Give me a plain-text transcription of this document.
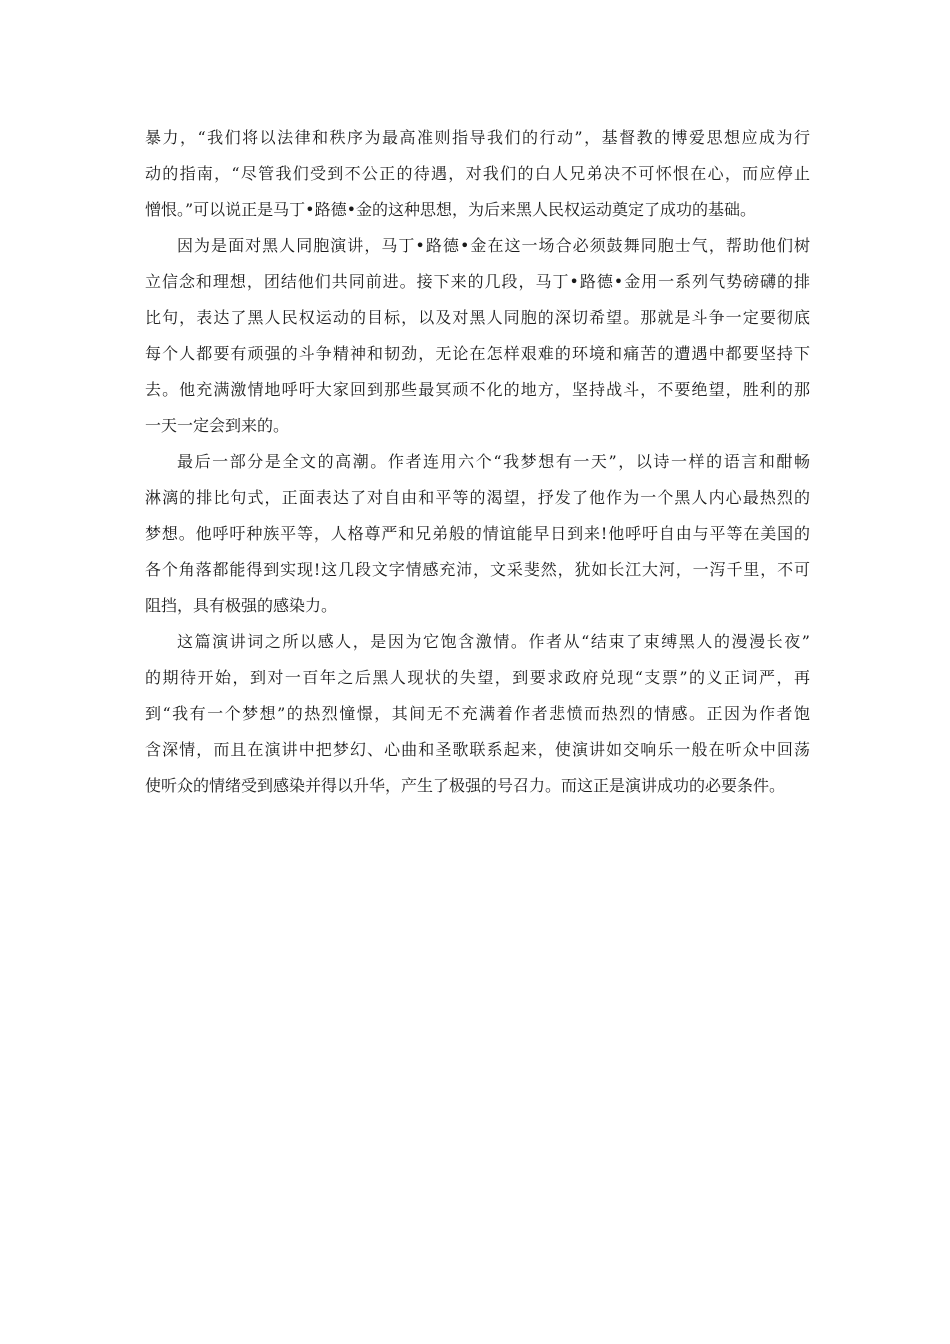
暴力，“我们将以法律和秩序为最高准则指导我们的行动”，基督教的博爱思想应成为行
动的指南，“尽管我们受到不公正的待遇，对我们的白人兄弟决不可怀恨在心，而应停止
憎恨。”可以说正是马丁•路德•金的这种思想，为后来黑人民权运动奠定了成功的基础。
因为是面对黑人同胞演讲，马丁•路德•金在这一场合必须鼓舞同胞士气，帮助他们树
立信念和理想，团结他们共同前进。接下来的几段，马丁•路德•金用一系列气势磅礴的排
比句，表达了黑人民权运动的目标，以及对黑人同胞的深切希望。那就是斗争一定要彻底
每个人都要有顽强的斗争精神和韧劲，无论在怎样艰难的环境和痛苦的遭遇中都要坚持下
去。他充满激情地呼吁大家回到那些最冥顽不化的地方，坚持战斗，不要绝望，胜利的那
一天一定会到来的。
最后一部分是全文的高潮。作者连用六个“我梦想有一天”，以诗一样的语言和酣畅
淋漓的排比句式，正面表达了对自由和平等的渴望，抒发了他作为一个黑人内心最热烈的
梦想。他呼吁种族平等，人格尊严和兄弟般的情谊能早日到来!他呼吁自由与平等在美国的
各个角落都能得到实现!这几段文字情感充沛，文采斐然，犹如长江大河，一泻千里，不可
阻挡，具有极强的感染力。
这篇演讲词之所以感人，是因为它饱含激情。作者从“结束了束缚黑人的漫漫长夜”
的期待开始，到对一百年之后黑人现状的失望，到要求政府兑现“支票”的义正词严，再
到“我有一个梦想”的热烈憧憬，其间无不充满着作者悲愤而热烈的情感。正因为作者饱
含深情，而且在演讲中把梦幻、心曲和圣歌联系起来，使演讲如交响乐一般在听众中回荡
使听众的情绪受到感染并得以升华，产生了极强的号召力。而这正是演讲成功的必要条件。
